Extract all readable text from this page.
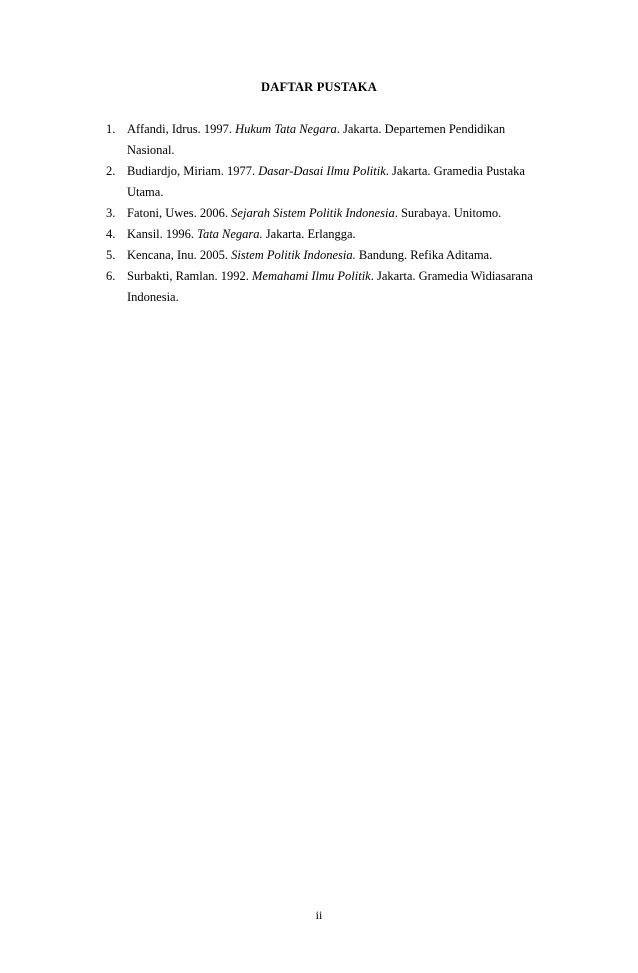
DAFTAR PUSTAKA
1. Affandi, Idrus. 1997. Hukum Tata Negara. Jakarta. Departemen Pendidikan Nasional.
2. Budiardjo, Miriam. 1977. Dasar-Dasai Ilmu Politik. Jakarta. Gramedia Pustaka Utama.
3. Fatoni, Uwes. 2006. Sejarah Sistem Politik Indonesia. Surabaya. Unitomo.
4. Kansil. 1996. Tata Negara. Jakarta. Erlangga.
5. Kencana, Inu. 2005. Sistem Politik Indonesia. Bandung. Refika Aditama.
6. Surbakti, Ramlan. 1992. Memahami Ilmu Politik. Jakarta. Gramedia Widiasarana Indonesia.
ii
